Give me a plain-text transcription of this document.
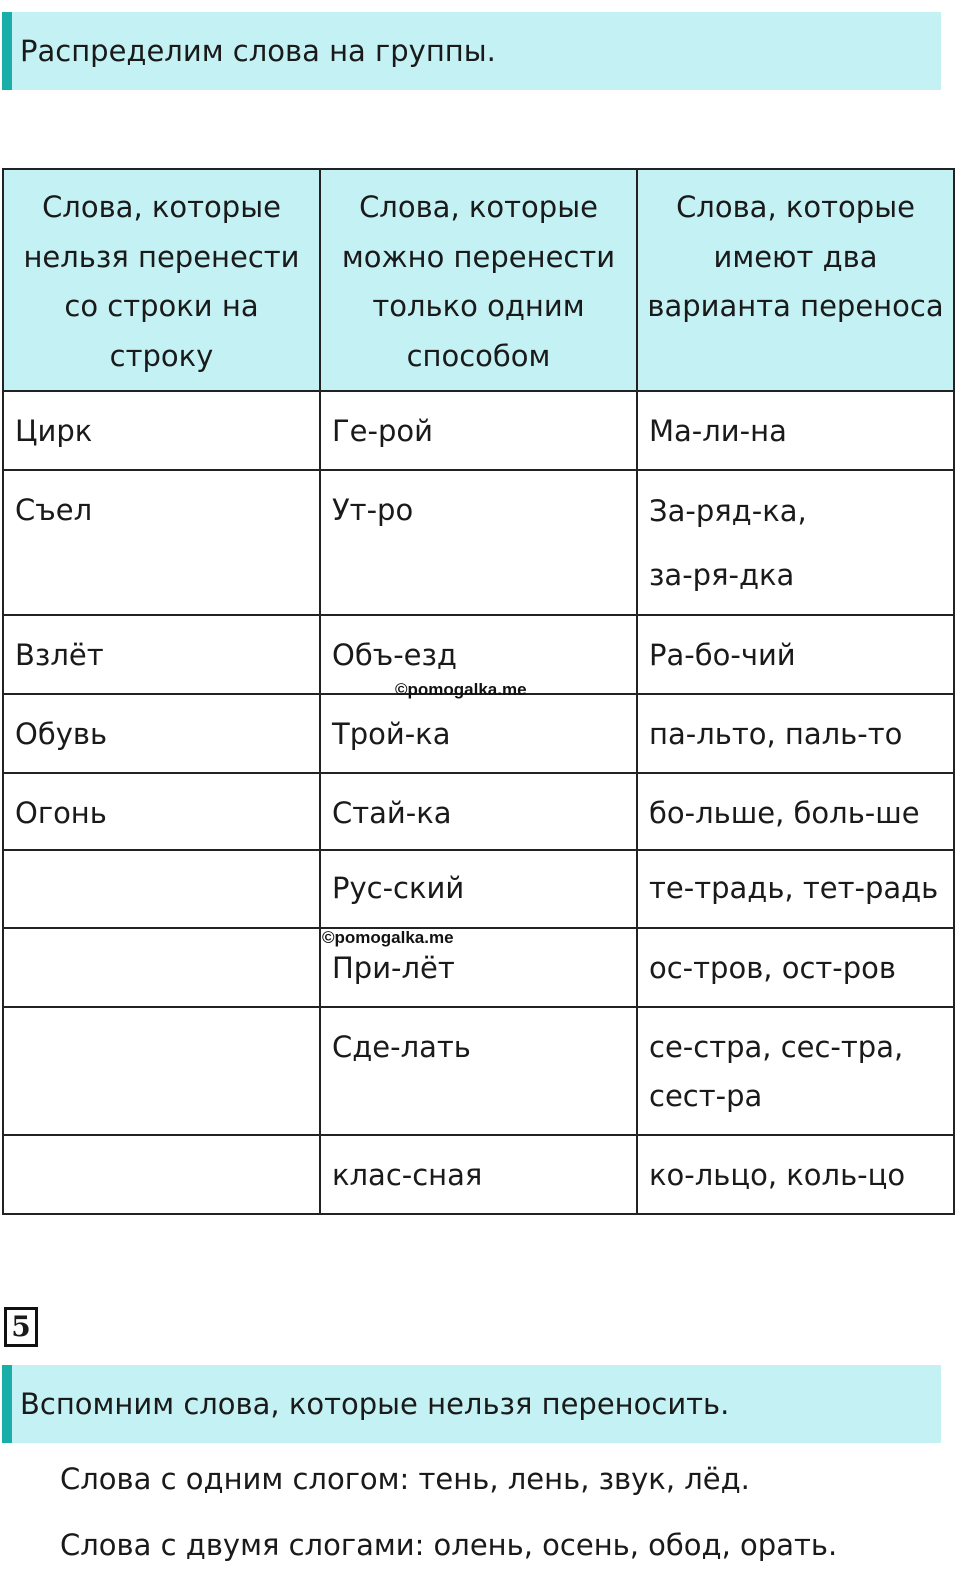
Распределим слова на группы.
Слова, которые нельзя перенести со строки на строку	Слова, которые можно перенести только одним способом	Слова, которые имеют два варианта переноса

Цирк	Ге-рой	Ма-ли-на

Съел	Ут-ро	За-ряд-ка,
за-ря-дка

Взлёт	Объ-езд	Ра-бо-чий

Обувь	Трой-ка	па-льто, паль-то

Огонь	Стай-ка	бо-льше, боль-ше

	Рус-ский	те-традь, тет-радь

	При-лёт	ос-тров, ост-ров

	Сде-лать	се-стра, сес-тра, сест-ра

	клас-сная	ко-льцо, коль-цо
©pomogalka.me
©pomogalka.me
5
Вспомним слова, которые нельзя переносить.
Слова с одним слогом: тень, лень, звук, лёд.
Слова с двумя слогами: олень, осень, обод, орать.
